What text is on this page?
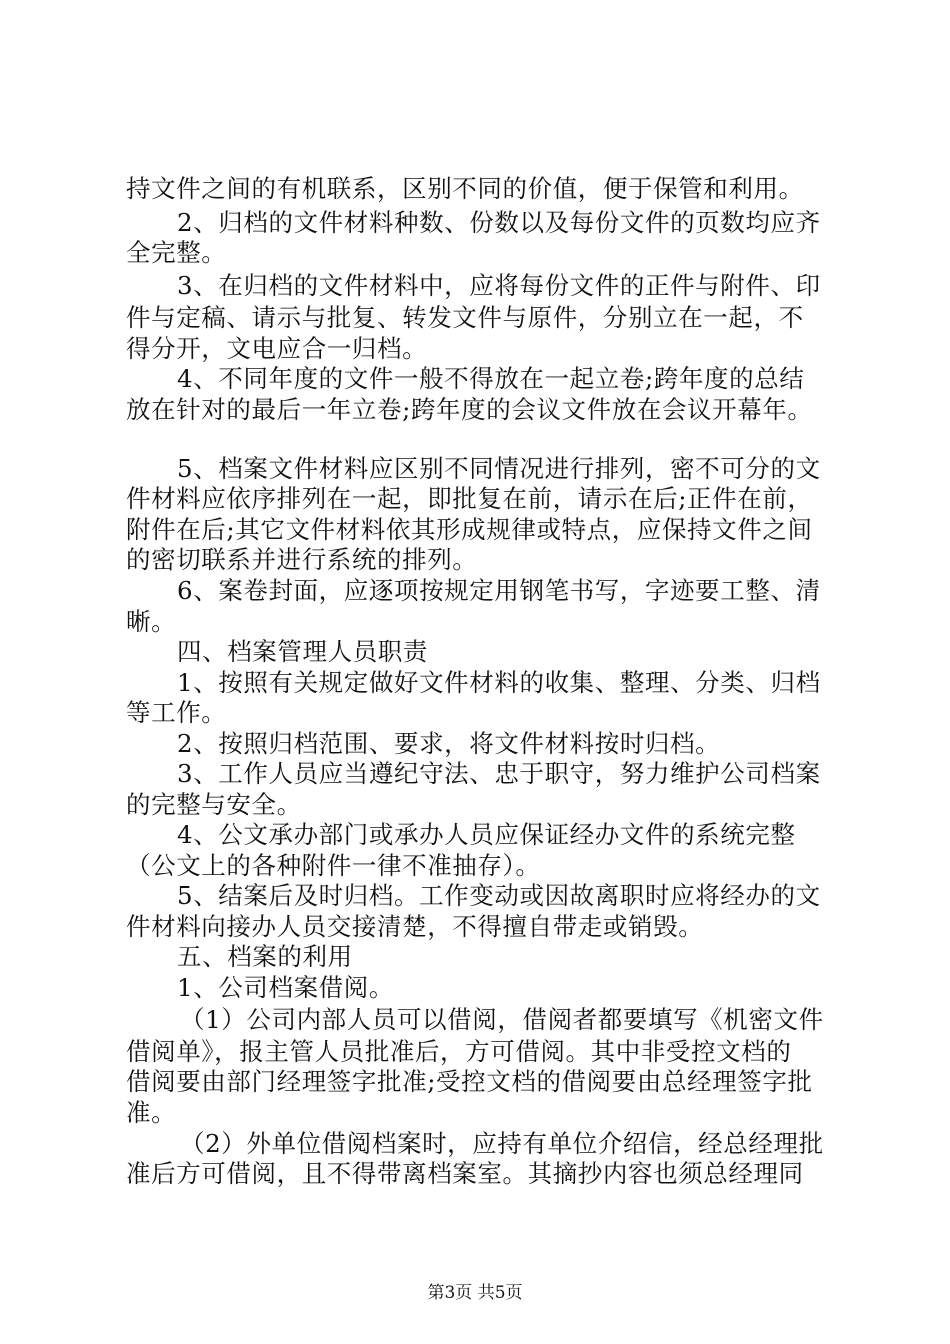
持文件之间的有机联系，区别不同的价值，便于保管和利用。
2、归档的文件材料种数、份数以及每份文件的页数均应齐
全完整。
3、在归档的文件材料中，应将每份文件的正件与附件、印
件与定稿、请示与批复、转发文件与原件，分别立在一起，不
得分开，文电应合一归档。
4、不同年度的文件一般不得放在一起立卷;跨年度的总结
放在针对的最后一年立卷;跨年度的会议文件放在会议开幕年。
5、档案文件材料应区别不同情况进行排列，密不可分的文
件材料应依序排列在一起，即批复在前，请示在后;正件在前，
附件在后;其它文件材料依其形成规律或特点，应保持文件之间
的密切联系并进行系统的排列。
6、案卷封面，应逐项按规定用钢笔书写，字迹要工整、清
晰。
四、档案管理人员职责
1、按照有关规定做好文件材料的收集、整理、分类、归档
等工作。
2、按照归档范围、要求，将文件材料按时归档。
3、工作人员应当遵纪守法、忠于职守，努力维护公司档案
的完整与安全。
4、公文承办部门或承办人员应保证经办文件的系统完整
（公文上的各种附件一律不准抽存）。
5、结案后及时归档。工作变动或因故离职时应将经办的文
件材料向接办人员交接清楚，不得擅自带走或销毁。
五、档案的利用
1、公司档案借阅。
（1）公司内部人员可以借阅，借阅者都要填写《机密文件
借阅单》，报主管人员批准后，方可借阅。其中非受控文档的
借阅要由部门经理签字批准;受控文档的借阅要由总经理签字批
准。
（2）外单位借阅档案时，应持有单位介绍信，经总经理批
准后方可借阅，且不得带离档案室。其摘抄内容也须总经理同
第3页 共5页
